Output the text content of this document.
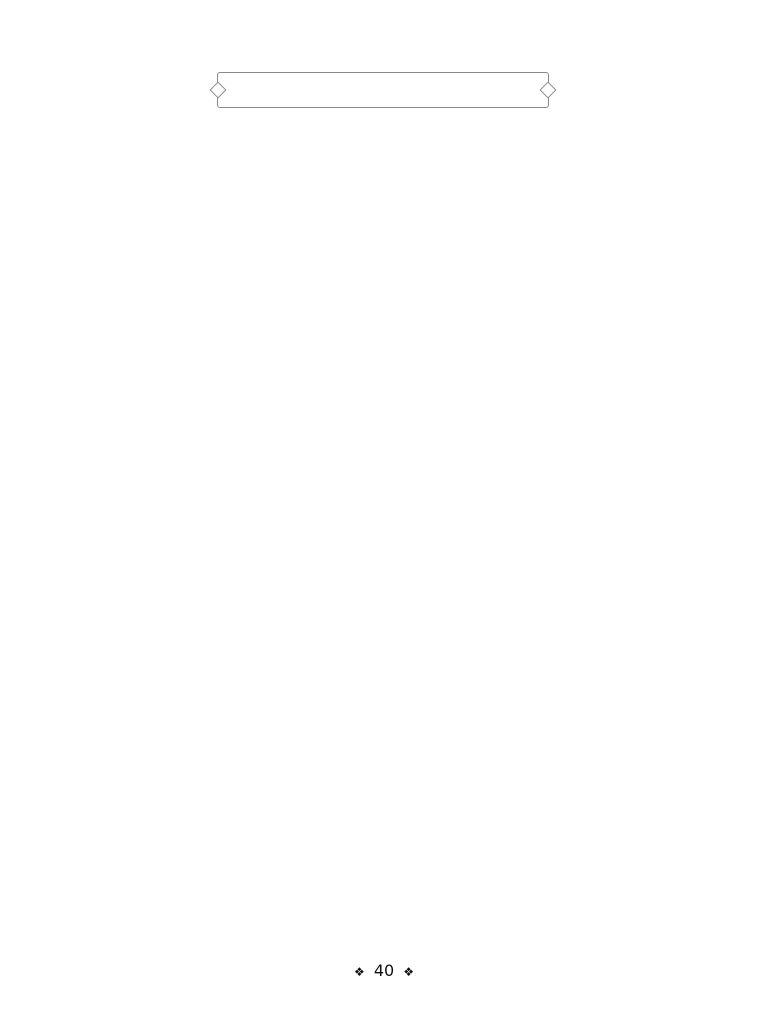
❖ 40 ❖
